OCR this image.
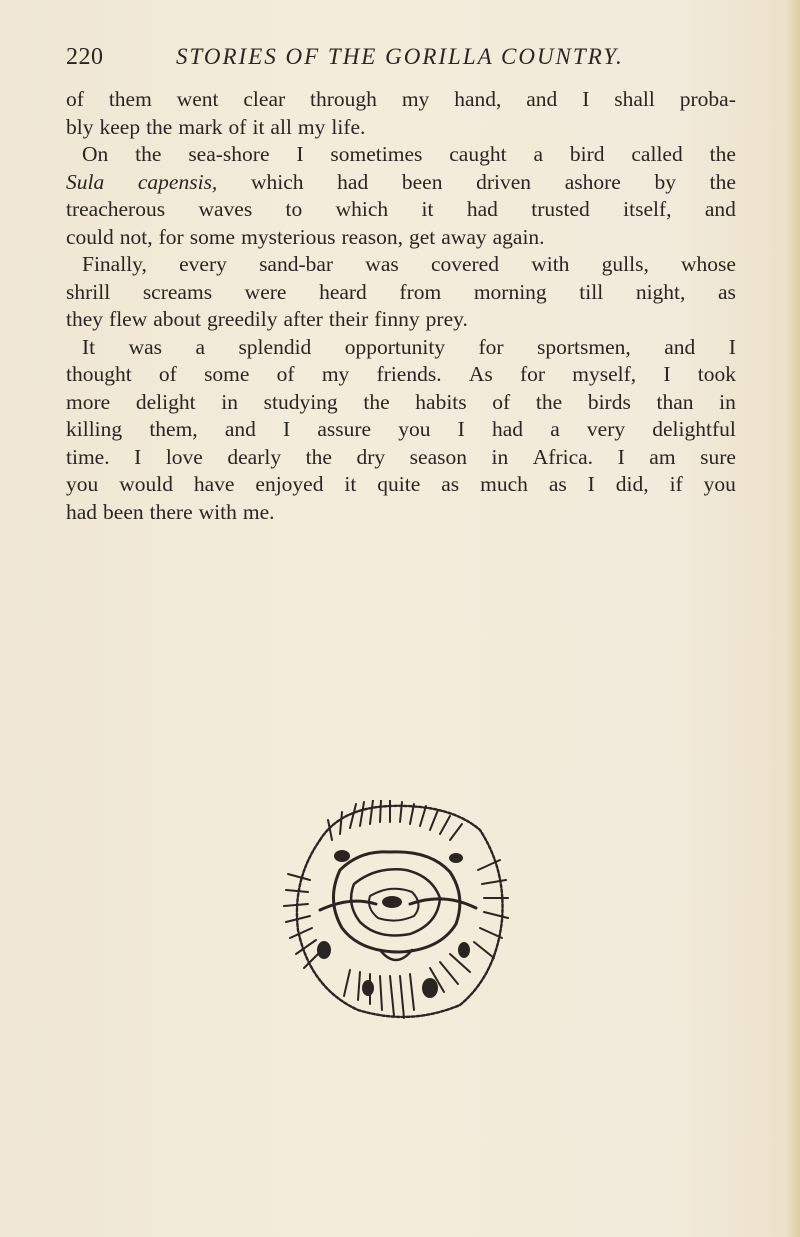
220	STORIES OF THE GORILLA COUNTRY.
of them went clear through my hand, and I shall proba-
bly keep the mark of it all my life.
On the sea-shore I sometimes caught a bird called the
Sula capensis, which had been driven ashore by the
treacherous waves to which it had trusted itself, and
could not, for some mysterious reason, get away again.
Finally, every sand-bar was covered with gulls, whose
shrill screams were heard from morning till night, as
they flew about greedily after their finny prey.
It was a splendid opportunity for sportsmen, and I
thought of some of my friends. As for myself, I took
more delight in studying the habits of the birds than in
killing them, and I assure you I had a very delightful
time. I love dearly the dry season in Africa. I am sure
you would have enjoyed it quite as much as I did, if you
had been there with me.
